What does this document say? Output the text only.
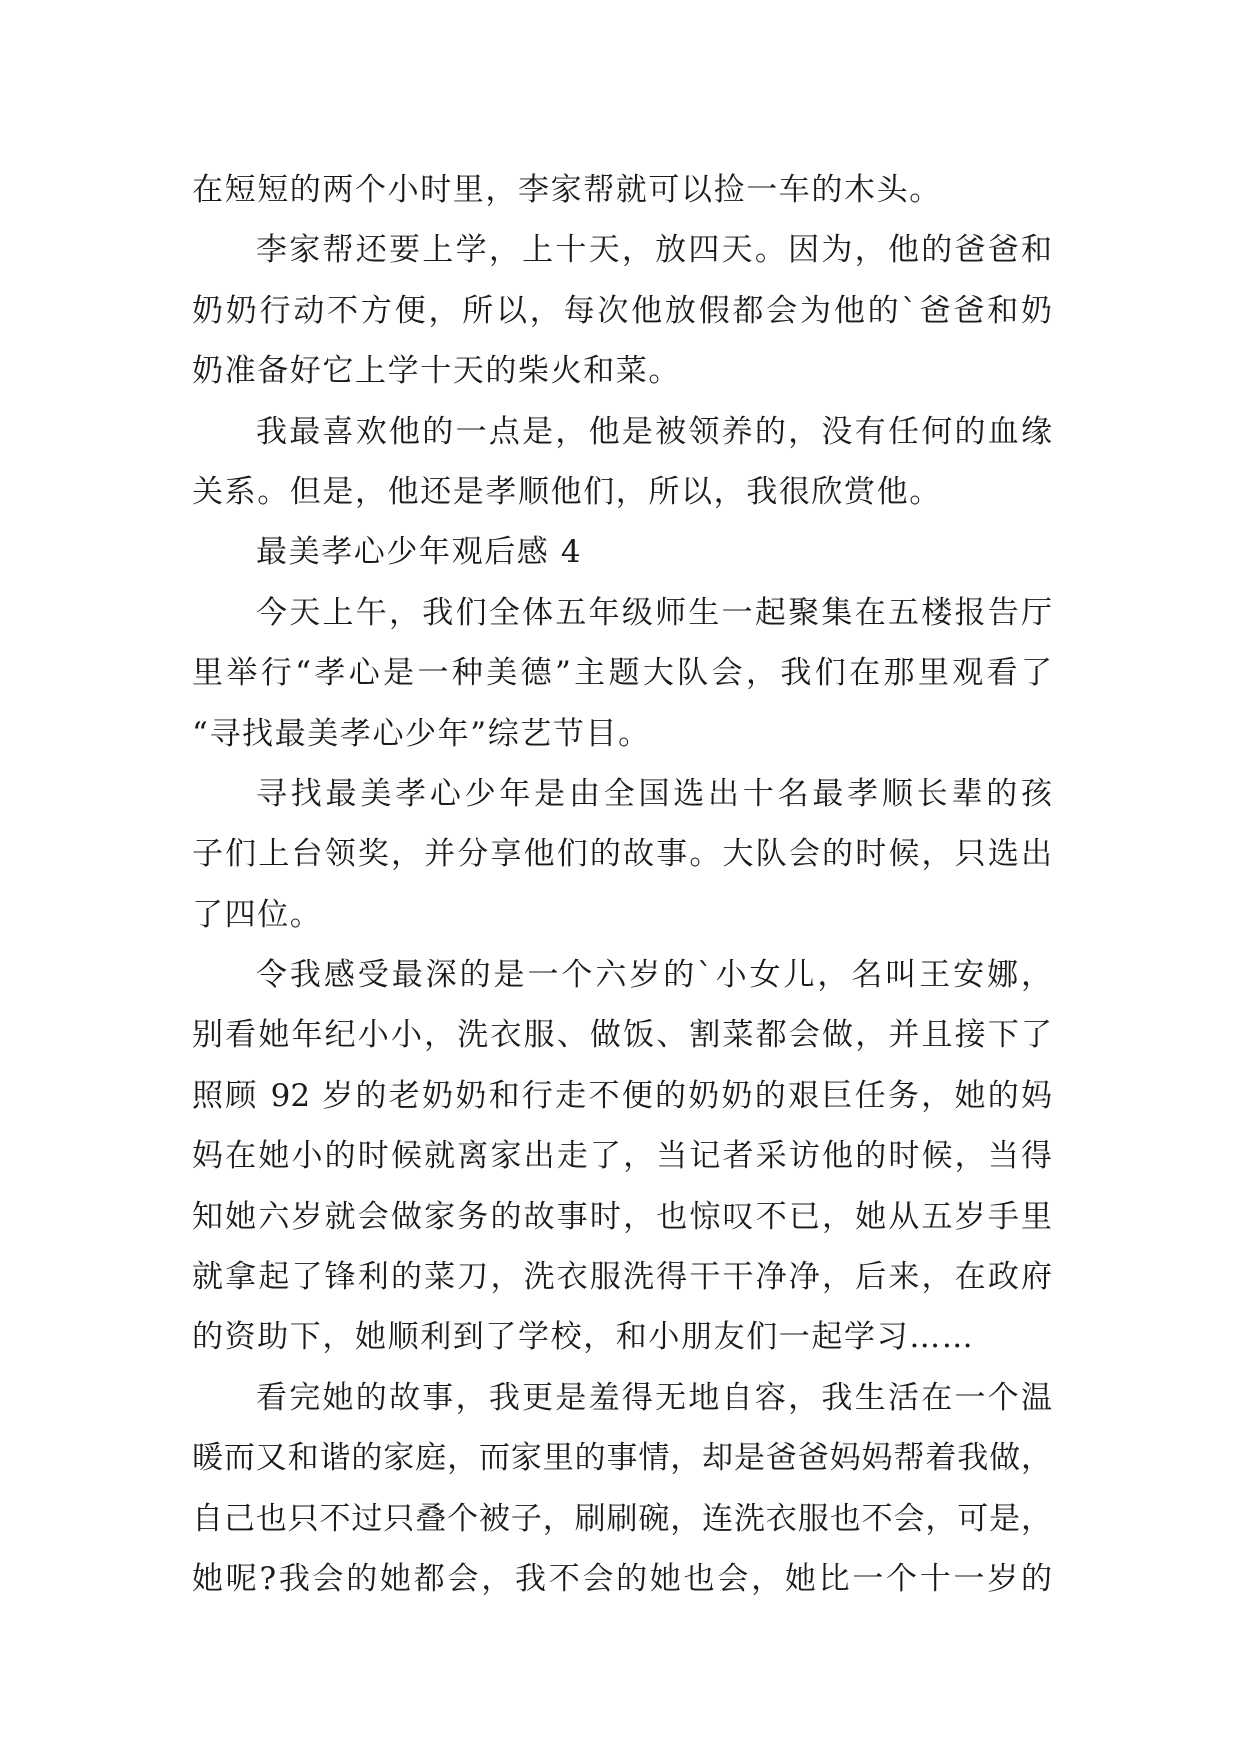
在短短的两个小时里，李家帮就可以捡一车的木头。
李家帮还要上学，上十天，放四天。因为，他的爸爸和
奶奶行动不方便，所以，每次他放假都会为他的`爸爸和奶
奶准备好它上学十天的柴火和菜。
我最喜欢他的一点是，他是被领养的，没有任何的血缘
关系。但是，他还是孝顺他们，所以，我很欣赏他。
最美孝心少年观后感 4
今天上午，我们全体五年级师生一起聚集在五楼报告厅
里举行“孝心是一种美德”主题大队会，我们在那里观看了
“寻找最美孝心少年”综艺节目。
寻找最美孝心少年是由全国选出十名最孝顺长辈的孩
子们上台领奖，并分享他们的故事。大队会的时候，只选出
了四位。
令我感受最深的是一个六岁的`小女儿，名叫王安娜，
别看她年纪小小，洗衣服、做饭、割菜都会做，并且接下了
照顾 92 岁的老奶奶和行走不便的奶奶的艰巨任务，她的妈
妈在她小的时候就离家出走了，当记者采访他的时候，当得
知她六岁就会做家务的故事时，也惊叹不已，她从五岁手里
就拿起了锋利的菜刀，洗衣服洗得干干净净，后来，在政府
的资助下，她顺利到了学校，和小朋友们一起学习……
看完她的故事，我更是羞得无地自容，我生活在一个温
暖而又和谐的家庭，而家里的事情，却是爸爸妈妈帮着我做，
自己也只不过只叠个被子，刷刷碗，连洗衣服也不会，可是，
她呢?我会的她都会，我不会的她也会，她比一个十一岁的
